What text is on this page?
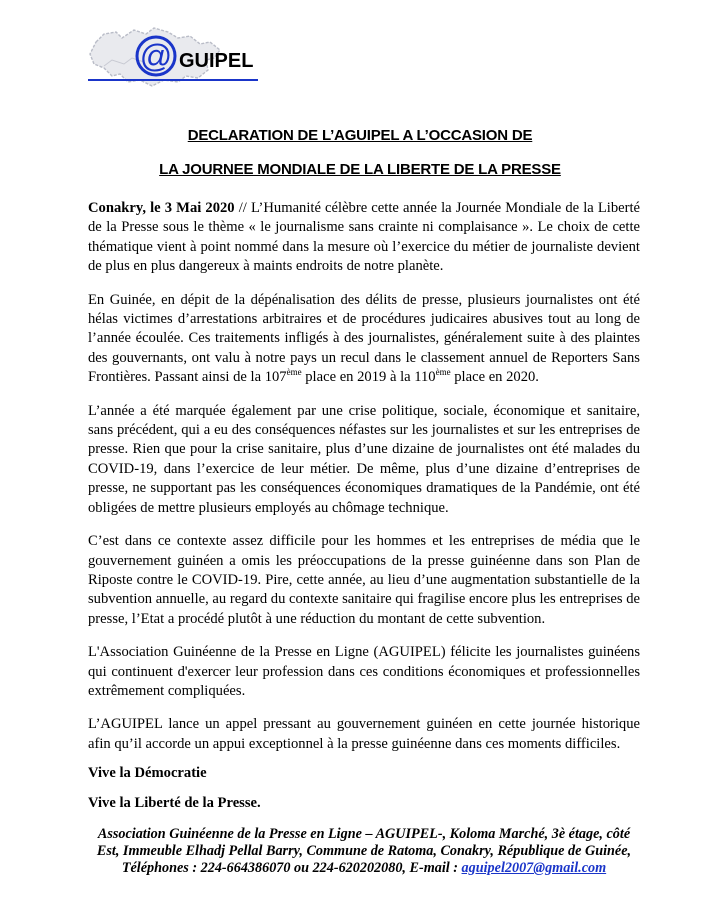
@ GUIPEL
DECLARATION DE L’AGUIPEL A L’OCCASION DE
LA JOURNEE MONDIALE DE LA LIBERTE DE LA PRESSE

Conakry, le 3 Mai 2020 // L’Humanité célèbre cette année la Journée Mondiale de la Liberté de la Presse sous le thème « le journalisme sans crainte ni complaisance ». Le choix de cette thématique vient à point nommé dans la mesure où l’exercice du métier de journaliste devient de plus en plus dangereux à maints endroits de notre planète.

En Guinée, en dépit de la dépénalisation des délits de presse, plusieurs journalistes ont été hélas victimes d’arrestations arbitraires et de procédures judicaires abusives tout au long de l’année écoulée. Ces traitements infligés à des journalistes, généralement suite à des plaintes des gouvernants, ont valu à notre pays un recul dans le classement annuel de Reporters Sans Frontières. Passant ainsi de la 107ème place en 2019 à la 110ème place en 2020.

L’année a été marquée également par une crise politique, sociale, économique et sanitaire, sans précédent, qui a eu des conséquences néfastes sur les journalistes et sur les entreprises de presse. Rien que pour la crise sanitaire, plus d’une dizaine de journalistes ont été malades du COVID-19, dans l’exercice de leur métier. De même, plus d’une dizaine d’entreprises de presse, ne supportant pas les conséquences économiques dramatiques de la Pandémie, ont été obligées de mettre plusieurs employés au chômage technique.

C’est dans ce contexte assez difficile pour les hommes et les entreprises de média que le gouvernement guinéen a omis les préoccupations de la presse guinéenne dans son Plan de Riposte contre le COVID-19. Pire, cette année, au lieu d’une augmentation substantielle de la subvention annuelle, au regard du contexte sanitaire qui fragilise encore plus les entreprises de presse, l’Etat a procédé plutôt à une réduction du montant de cette subvention.

L'Association Guinéenne de la Presse en Ligne (AGUIPEL) félicite les journalistes guinéens qui continuent d'exercer leur profession dans ces conditions économiques et professionnelles extrêmement compliquées.

L’AGUIPEL lance un appel pressant au gouvernement guinéen en cette journée historique afin qu’il accorde un appui exceptionnel à la presse guinéenne dans ces moments difficiles.

Vive la Démocratie

Vive la Liberté de la Presse.

Association Guinéenne de la Presse en Ligne – AGUIPEL-, Koloma Marché, 3è étage, côté Est, Immeuble Elhadj Pellal Barry, Commune de Ratoma, Conakry, République de Guinée, Téléphones : 224-664386070 ou 224-620202080, E-mail : aguipel2007@gmail.com
